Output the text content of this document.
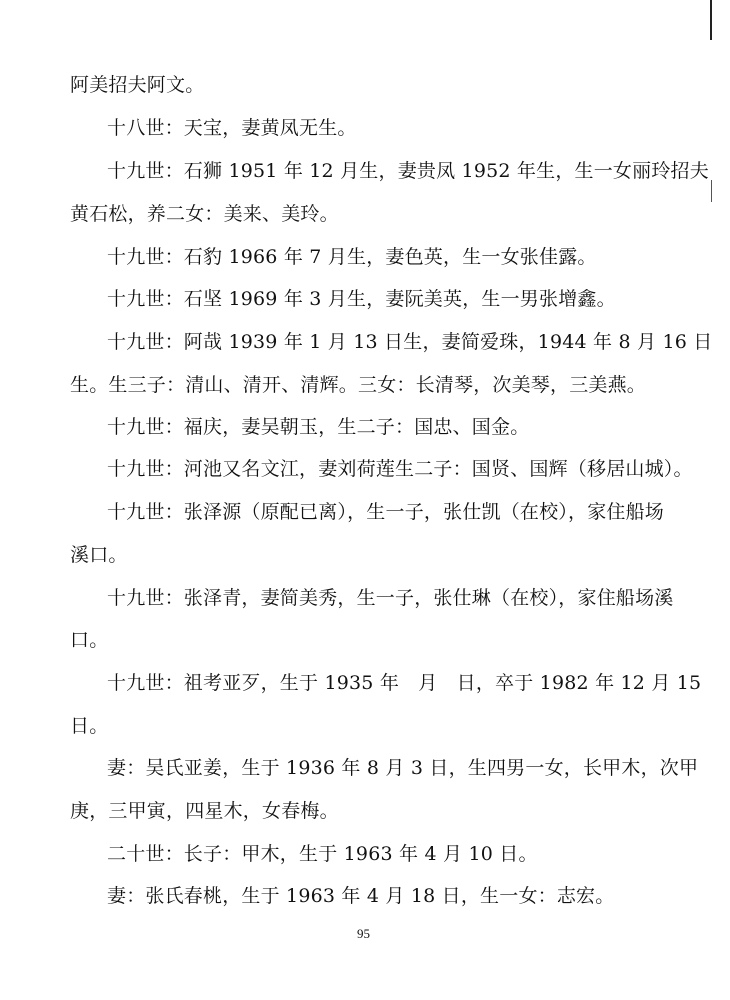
阿美招夫阿文。
十八世：天宝，妻黄凤无生。
十九世：石狮 1951 年 12 月生，妻贵凤 1952 年生，生一女丽玲招夫
黄石松，养二女：美来、美玲。
十九世：石豹 1966 年 7 月生，妻色英，生一女张佳露。
十九世：石坚 1969 年 3 月生，妻阮美英，生一男张增鑫。
十九世：阿哉 1939 年 1 月 13 日生，妻简爱珠，1944 年 8 月 16 日
生。生三子：清山、清开、清辉。三女：长清琴，次美琴，三美燕。
十九世：福庆，妻吴朝玉，生二子：国忠、国金。
十九世：河池又名文江，妻刘荷莲生二子：国贤、国辉（移居山城）。
十九世：张泽源（原配已离），生一子，张仕凯（在校），家住船场
溪口。
十九世：张泽青，妻简美秀，生一子，张仕琳（在校），家住船场溪
口。
十九世：祖考亚歹，生于 1935 年　月　日，卒于 1982 年 12 月 15
日。
妻：吴氏亚姜，生于 1936 年 8 月 3 日，生四男一女，长甲木，次甲
庚，三甲寅，四星木，女春梅。
二十世：长子：甲木，生于 1963 年 4 月 10 日。
妻：张氏春桃，生于 1963 年 4 月 18 日，生一女：志宏。
95
